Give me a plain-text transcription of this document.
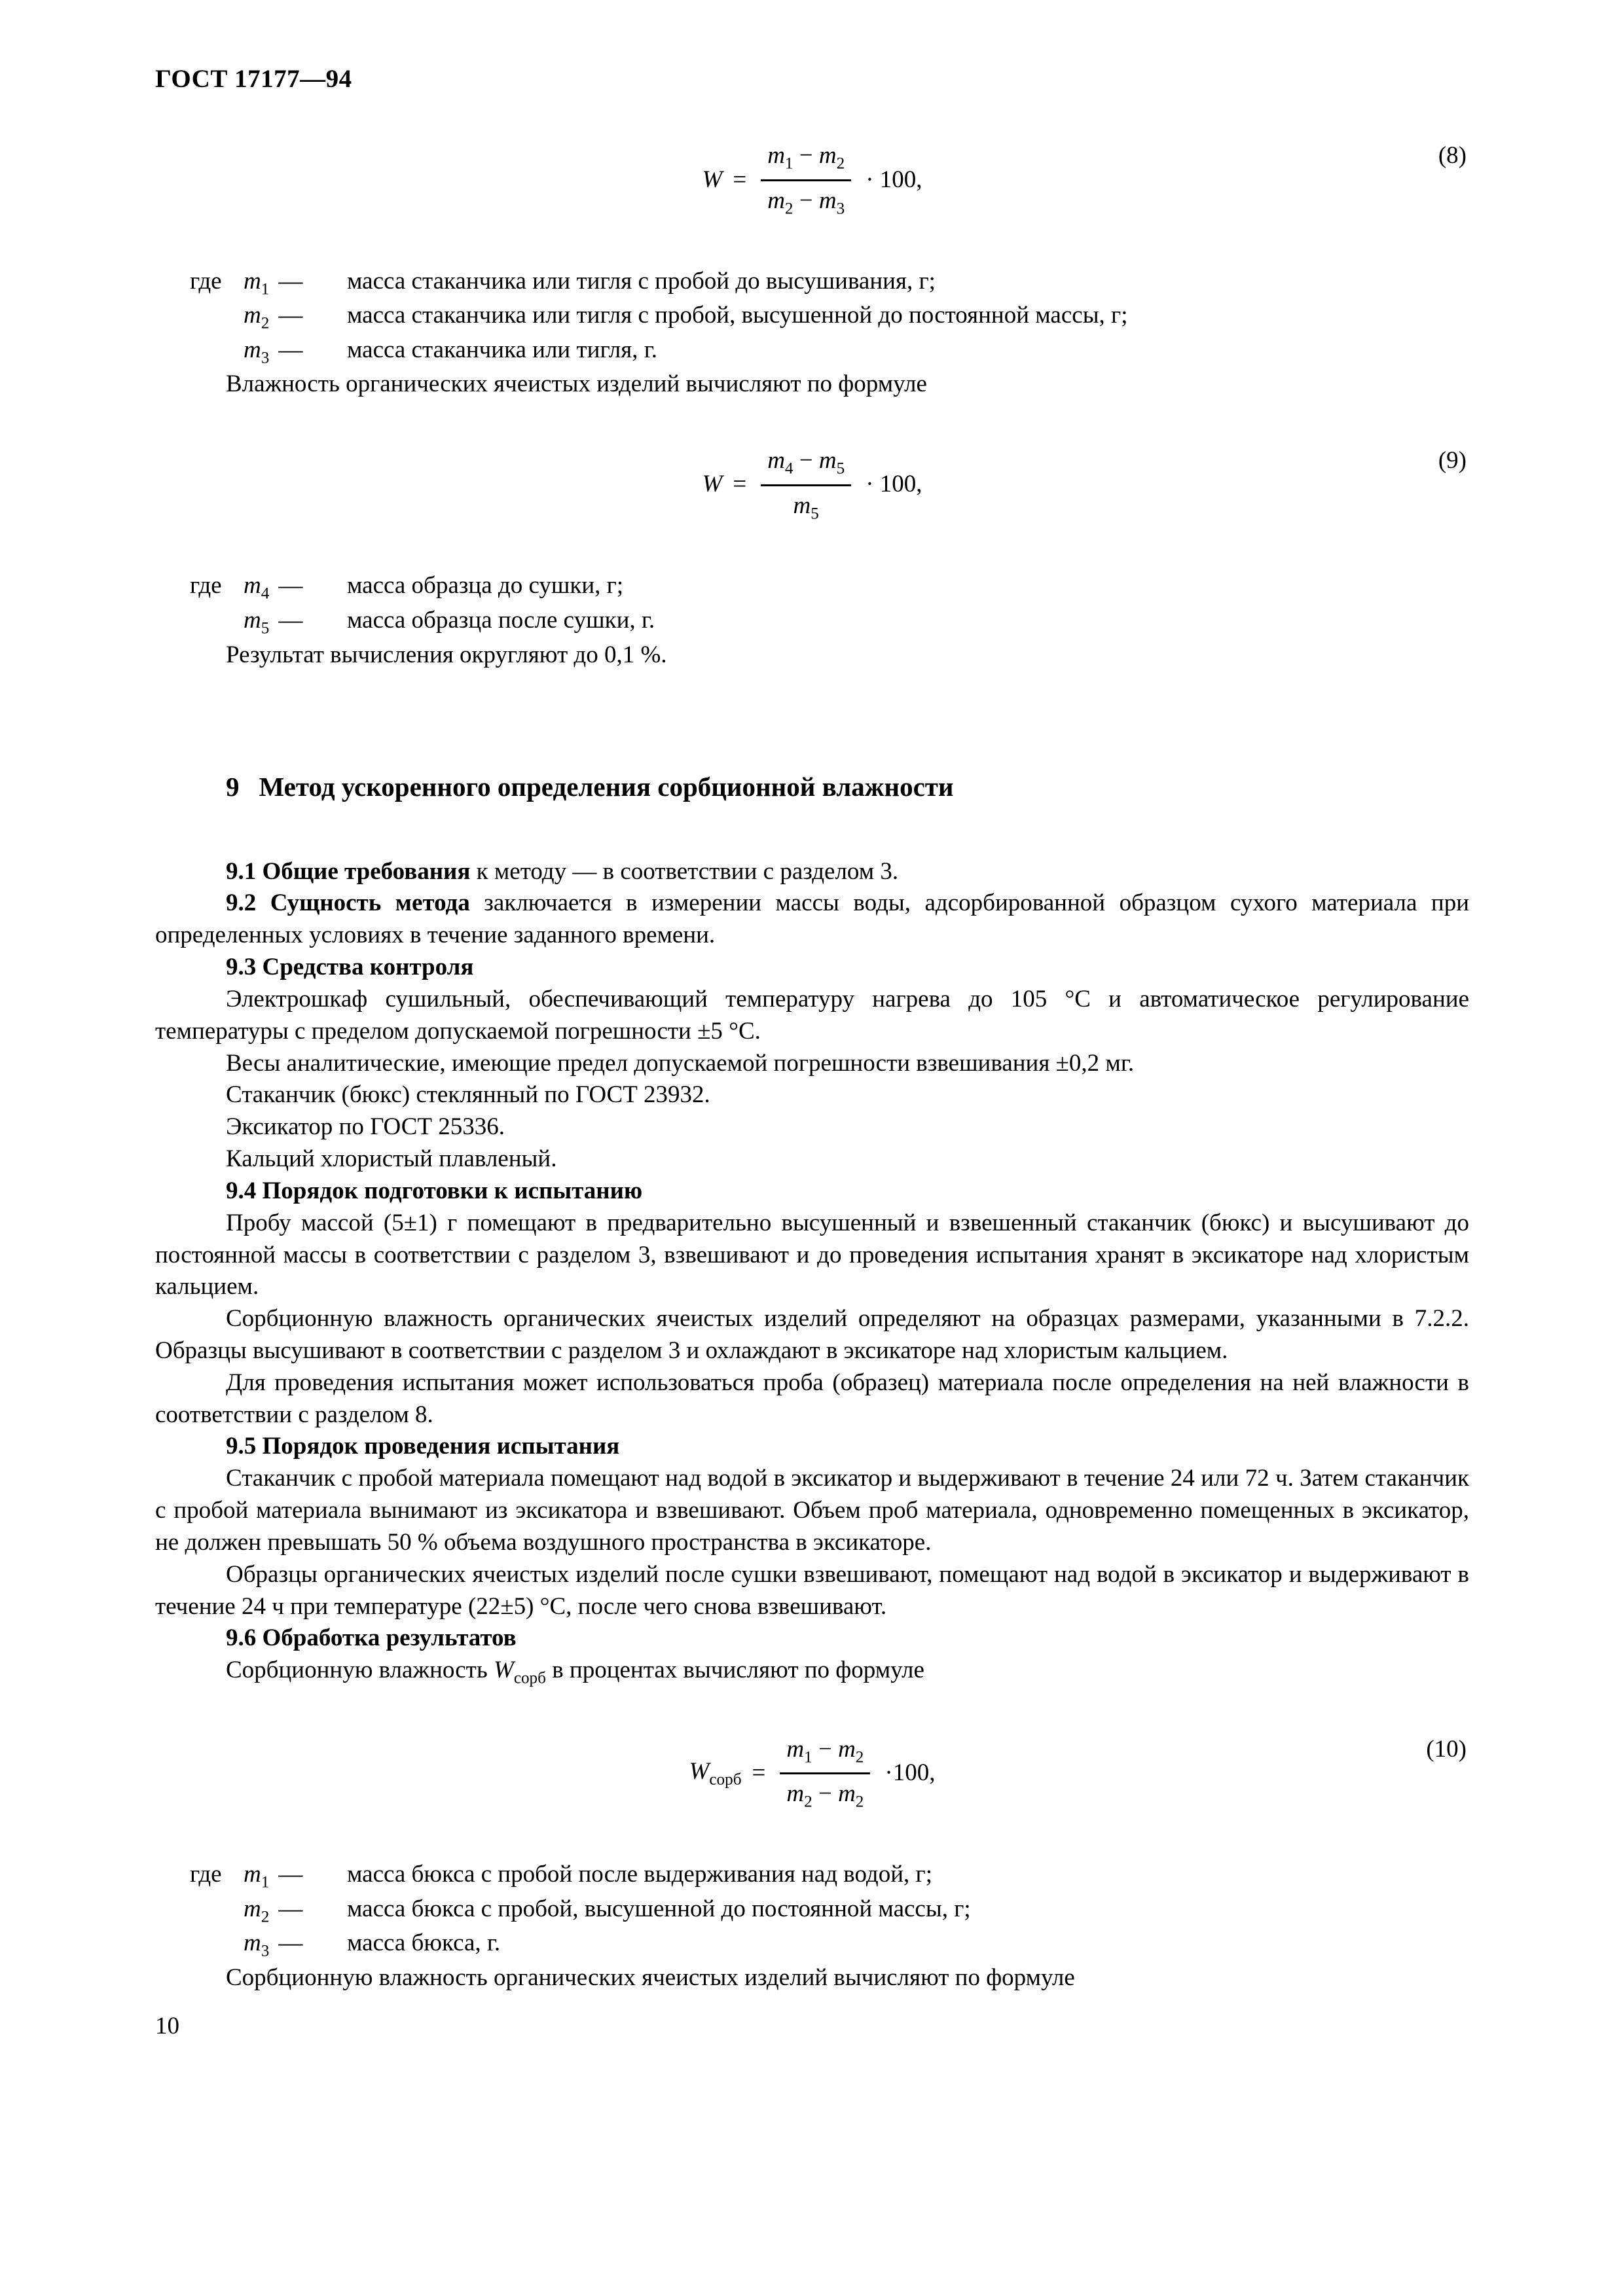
ГОСТ 17177—94
$W = \frac{m_1 - m_2}{m_2 - m_3} \cdot 100$,
(8)
где $m_1$ —	масса стаканчика или тигля с пробой до высушивания, г;
$m_2$ —	масса стаканчика или тигля с пробой, высушенной до постоянной массы, г;
$m_3$ —	масса стаканчика или тигля, г.

Влажность органических ячеистых изделий вычисляют по формуле

$W = \frac{m_4 - m_5}{m_5} \cdot 100$,
(9)
где $m_4$ —	масса образца до сушки, г;
$m_5$ —	масса образца после сушки, г.

Результат вычисления округляют до 0,1 %.

9 Метод ускоренного определения сорбционной влажности

9.1 Общие требования к методу — в соответствии с разделом 3.

9.2 Сущность метода заключается в измерении массы воды, адсорбированной образцом сухого материала при определенных условиях в течение заданного времени.

9.3 Средства контроля

Электрошкаф сушильный, обеспечивающий температуру нагрева до 105 °С и автоматическое регулирование температуры с пределом допускаемой погрешности ±5 °С.

Весы аналитические, имеющие предел допускаемой погрешности взвешивания ±0,2 мг.

Стаканчик (бюкс) стеклянный по ГОСТ 23932.

Эксикатор по ГОСТ 25336.

Кальций хлористый плавленый.

9.4 Порядок подготовки к испытанию

Пробу массой (5±1) г помещают в предварительно высушенный и взвешенный стаканчик (бюкс) и высушивают до постоянной массы в соответствии с разделом 3, взвешивают и до проведения испытания хранят в эксикаторе над хлористым кальцием.

Сорбционную влажность органических ячеистых изделий определяют на образцах размерами, указанными в 7.2.2. Образцы высушивают в соответствии с разделом 3 и охлаждают в эксикаторе над хлористым кальцием.

Для проведения испытания может использоваться проба (образец) материала после определения на ней влажности в соответствии с разделом 8.

9.5 Порядок проведения испытания

Стаканчик с пробой материала помещают над водой в эксикатор и выдерживают в течение 24 или 72 ч. Затем стаканчик с пробой материала вынимают из эксикатора и взвешивают. Объем проб материала, одновременно помещенных в эксикатор, не должен превышать 50 % объема воздушного пространства в эксикаторе.

Образцы органических ячеистых изделий после сушки взвешивают, помещают над водой в эксикатор и выдерживают в течение 24 ч при температуре (22±5) °С, после чего снова взвешивают.

9.6 Обработка результатов

Сорбционную влажность $W_{сорб}$ в процентах вычисляют по формуле

$W_{сорб} = \frac{m_1 - m_2}{m_2 - m_2} \cdot 100$,
(10)
где $m_1$ —	масса бюкса с пробой после выдерживания над водой, г;
$m_2$ —	масса бюкса с пробой, высушенной до постоянной массы, г;
$m_3$ —	масса бюкса, г.

Сорбционную влажность органических ячеистых изделий вычисляют по формуле

10
